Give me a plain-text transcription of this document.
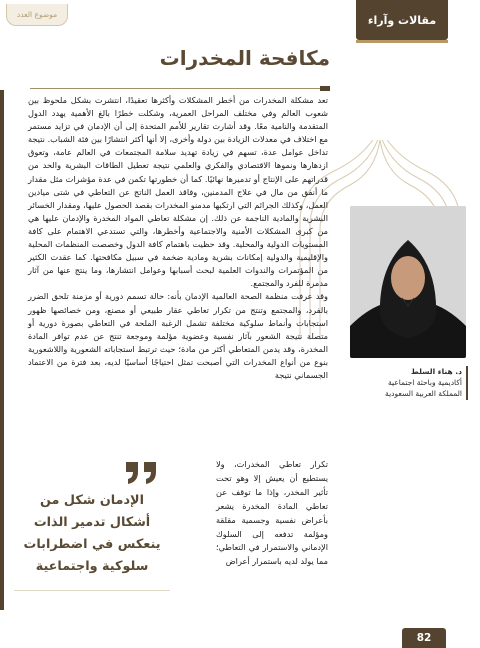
موضوع العدد	مقالات وآراء
مكافحة المخدرات

تعد مشكلة المخدرات من أخطر المشكلات وأكثرها تعقيدًا، انتشرت بشكل ملحوظ بين شعوب العالم وفي مختلف المراحل العمرية، وشكلت خطرًا بالغ الأهمية يهدد الدول المتقدمة والنامية معًا. وقد أشارت تقارير للأمم المتحدة إلى أن الإدمان في تزايد مستمر مع اختلاف في معدلات الزيادة بين دولة وأخرى، إلا أنها أكثر انتشارًا بين فئة الشباب. نتيجة تداخل عوامل عدة، تسهم في زيادة تهديد سلامة المجتمعات في العالم عامة، وتعوق ازدهارها ونموها الاقتصادي والفكري والعلمي نتيجة تعطيل الطاقات البشرية والحد من قدراتهم على الإنتاج أو تدميرها نهائيًا. كما أن خطورتها تكمن في عدة مؤشرات مثل مقدار ما أنفق من مال في علاج المدمنين، وفاقد العمل الناتج عن التعاطي في شتى ميادين العمل، وكذلك الجرائم التي ارتكبها مدمنو المخدرات بقصد الحصول عليها، ومقدار الخسائر البشرية والمادية الناجمة عن ذلك. إن مشكلة تعاطي المواد المخدرة والإدمان عليها هي من كبرى المشكلات الأمنية والاجتماعية وأخطرها، والتي تستدعي الاهتمام على كافة المستويات الدولية والمحلية. وقد حظيت باهتمام كافة الدول وخصصت المنظمات المحلية والإقليمية والدولية إمكانات بشرية ومادية ضخمة في سبيل مكافحتها. كما عقدت الكثير من المؤتمرات والندوات العلمية لبحث أسبابها وعوامل انتشارها، وما ينتج عنها من آثار مدمرة للفرد والمجتمع.

وقد عرفت منظمة الصحة العالمية الإدمان بأنه: حالة تسمم دورية أو مزمنة تلحق الضرر بالفرد، والمجتمع وتنتج من تكرار تعاطي عقار طبيعي أو مصنع، ومن خصائصها ظهور استجابات وأنماط سلوكية مختلفة تشمل الرغبة الملحة في التعاطي بصورة دورية أو متصلة نتيجة الشعور بآثار نفسية وعضوية مؤلمة وموجعة تنتج عن عدم توافر المادة المخدرة، وقد يدمن المتعاطي أكثر من مادة؛ حيث ترتبط استجاباته الشعورية واللاشعورية بنوع من أنواع المخدرات التي أصبحت تمثل احتياجًا أساسيًا لديه، بعد فترة من الاعتماد الجسماني نتيجة

تكرار تعاطي المخدرات، ولا يستطيع أن يعيش إلا وهو تحت تأثير المخدر، وإذا ما توقف عن تعاطي المادة المخدرة يشعر بأعراض نفسية وجسمية مقلقة ومؤلمة تدفعه إلى السلوك الإدماني والاستمرار في التعاطي؛ مما يولد لديه باستمرار أعراض
د. هناء السلط
أكاديمية وباحثة اجتماعية
المملكة العربية السعودية
الإدمان شكل من
أشكال تدمير الذات
ينعكس في اضطرابات
سلوكية واجتماعية
82
